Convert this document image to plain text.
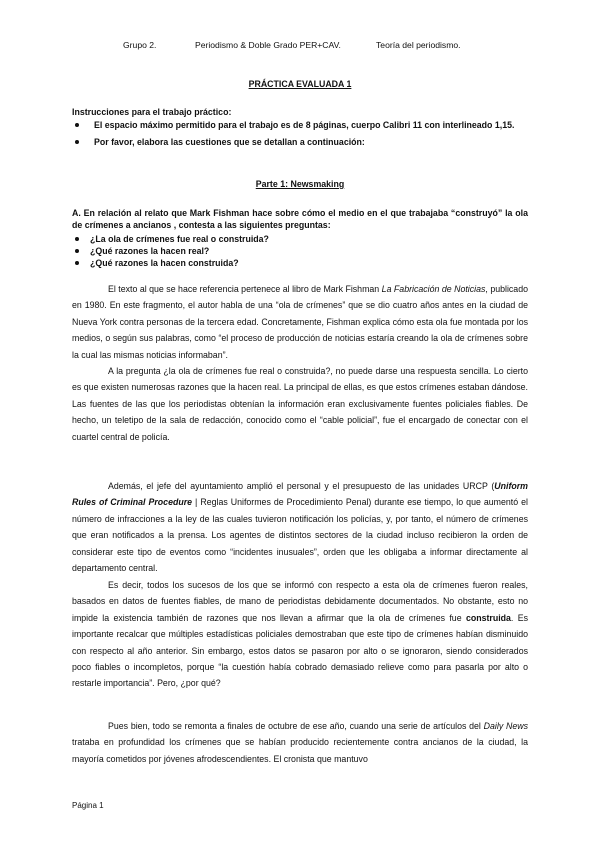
Grupo 2.

	Periodismo & Doble Grado PER+CAV.

	Teoría del periodismo.

PRÁCTICA EVALUADA 1
Instrucciones para el trabajo práctico:
El espacio máximo permitido para el trabajo es de 8 páginas, cuerpo Calibri 11 con interlineado 1,15.
Por favor, elabora las cuestiones que se detallan a continuación:
Parte 1: Newsmaking
A. En relación al relato que Mark Fishman hace sobre cómo el medio en el que trabajaba “construyó” la ola de crímenes a ancianos , contesta a las siguientes preguntas:
¿La ola de crímenes fue real o construida?
¿Qué razones la hacen real?
¿Qué razones la hacen construida?

El texto al que se hace referencia pertenece al libro de Mark Fishman La Fabricación de Noticias, publicado en 1980. En este fragmento, el autor habla de una “ola de crímenes” que se dio cuatro años antes en la ciudad de Nueva York contra personas de la tercera edad. Concretamente, Fishman explica cómo esta ola fue montada por los medios, o según sus palabras, como “el proceso de producción de noticias estaría creando la ola de crímenes sobre la cual las mismas noticias informaban”.

A la pregunta ¿la ola de crímenes fue real o construida?, no puede darse una respuesta sencilla. Lo cierto es que existen numerosas razones que la hacen real. La principal de ellas, es que estos crímenes estaban dándose. Las fuentes de las que los periodistas obtenían la información eran exclusivamente fuentes policiales fiables. De hecho, un teletipo de la sala de redacción, conocido como el “cable policial”, fue el encargado de conectar con el cuartel central de policía.

Además, el jefe del ayuntamiento amplió el personal y el presupuesto de las unidades URCP (Uniform Rules of Criminal Procedure | Reglas Uniformes de Procedimiento Penal) durante ese tiempo, lo que aumentó el número de infracciones a la ley de las cuales tuvieron notificación los policías, y, por tanto, el número de crímenes que eran notificados a la prensa. Los agentes de distintos sectores de la ciudad incluso recibieron la orden de considerar este tipo de eventos como “incidentes inusuales”, orden que les obligaba a informar directamente al departamento central.

Es decir, todos los sucesos de los que se informó con respecto a esta ola de crímenes fueron reales, basados en datos de fuentes fiables, de mano de periodistas debidamente documentados. No obstante, esto no impide la existencia también de razones que nos llevan a afirmar que la ola de crímenes fue construida. Es importante recalcar que múltiples estadísticas policiales demostraban que este tipo de crímenes habían disminuido con respecto al año anterior. Sin embargo, estos datos se pasaron por alto o se ignoraron, siendo considerados poco fiables o incompletos, porque “la cuestión había cobrado demasiado relieve como para pasarla por alto o restarle importancia”. Pero, ¿por qué?

Pues bien, todo se remonta a finales de octubre de ese año, cuando una serie de artículos del Daily News trataba en profundidad los crímenes que se habían producido recientemente contra ancianos de la ciudad, la mayoría cometidos por jóvenes afrodescendientes. El cronista que mantuvo

Página 1
